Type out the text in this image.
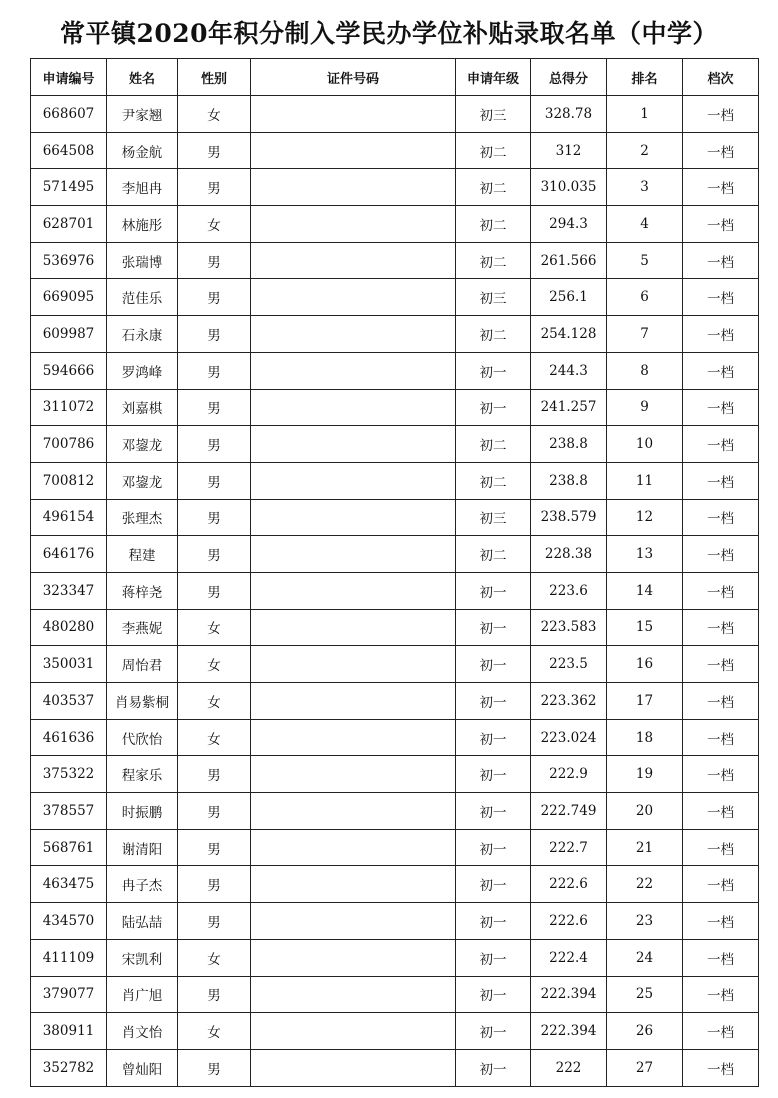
常平镇2020年积分制入学民办学位补贴录取名单（中学）
申请编号	姓名	性别	证件号码	申请年级	总得分	排名	档次
668607	尹家翘	女		初三	328.78	1	一档
664508	杨金航	男		初二	312	2	一档
571495	李旭冉	男		初二	310.035	3	一档
628701	林施彤	女		初二	294.3	4	一档
536976	张瑞博	男		初二	261.566	5	一档
669095	范佳乐	男		初三	256.1	6	一档
609987	石永康	男		初二	254.128	7	一档
594666	罗鸿峰	男		初一	244.3	8	一档
311072	刘嘉棋	男		初一	241.257	9	一档
700786	邓鋆龙	男		初二	238.8	10	一档
700812	邓鋆龙	男		初二	238.8	11	一档
496154	张理杰	男		初三	238.579	12	一档
646176	程建	男		初二	228.38	13	一档
323347	蒋梓尧	男		初一	223.6	14	一档
480280	李燕妮	女		初一	223.583	15	一档
350031	周怡君	女		初一	223.5	16	一档
403537	肖易紫桐	女		初一	223.362	17	一档
461636	代欣怡	女		初一	223.024	18	一档
375322	程家乐	男		初一	222.9	19	一档
378557	时振鹏	男		初一	222.749	20	一档
568761	谢清阳	男		初一	222.7	21	一档
463475	冉子杰	男		初一	222.6	22	一档
434570	陆弘喆	男		初一	222.6	23	一档
411109	宋凯利	女		初一	222.4	24	一档
379077	肖广旭	男		初一	222.394	25	一档
380911	肖文怡	女		初一	222.394	26	一档
352782	曾灿阳	男		初一	222	27	一档
